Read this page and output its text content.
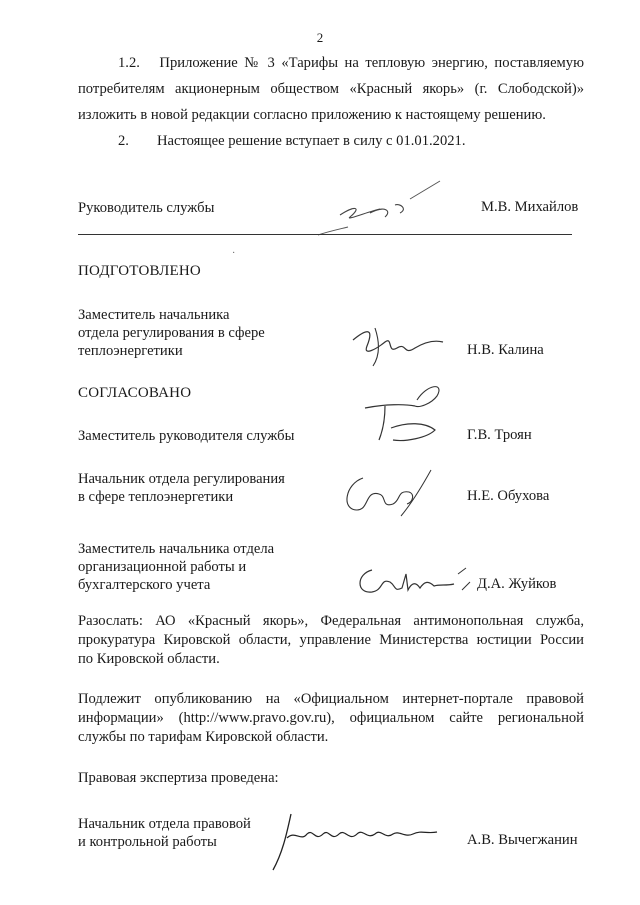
2
1.2. Приложение № 3 «Тарифы на тепловую энергию, поставляемую
потребителям акционерным обществом «Красный якорь» (г. Слободской)»
изложить в новой редакции согласно приложению к настоящему решению.
2. Настоящее решение вступает в силу с 01.01.2021.
Руководитель службы	М.В. Михайлов
·
ПОДГОТОВЛЕНО
Заместитель начальника
отдела регулирования в сфере
теплоэнергетики	Н.В. Калина
СОГЛАСОВАНО
Заместитель руководителя службы	Г.В. Троян
Начальник отдела регулирования
в сфере теплоэнергетики	Н.Е. Обухова
Заместитель начальника отдела
организационной работы и
бухгалтерского учета	Д.А. Жуйков
Разослать: АО «Красный якорь», Федеральная антимонопольная служба,
прокуратура Кировской области, управление Министерства юстиции России
по Кировской области.
Подлежит опубликованию на «Официальном интернет-портале правовой
информации» (http://www.pravo.gov.ru), официальном сайте региональной
службы по тарифам Кировской области.
Правовая экспертиза проведена:
Начальник отдела правовой
и контрольной работы	А.В. Вычегжанин
